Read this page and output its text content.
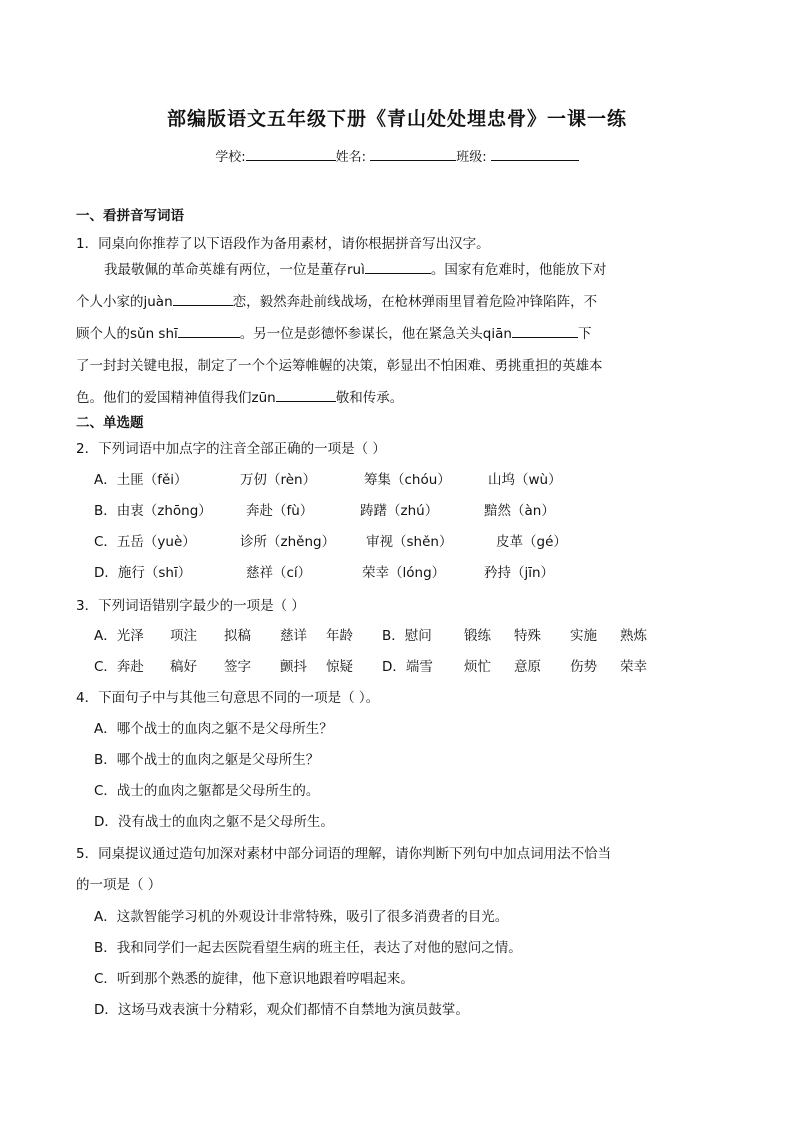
部编版语文五年级下册《青山处处埋忠骨》一课一练
学校:	姓名:	班级:
一、看拼音写词语
1．同桌向你推荐了以下语段作为备用素材，请你根据拼音写出汉字。
我最敬佩的革命英雄有两位，一位是董存ruì	。国家有危难时，他能放下对
个人小家的juàn	恋，毅然奔赴前线战场，在枪林弹雨里冒着危险冲锋陷阵，不
顾个人的sǔn shī	。另一位是彭德怀参谋长，他在紧急关头qiān	下
了一封封关键电报，制定了一个个运筹帷幄的决策，彰显出不怕困难、勇挑重担的英雄本
色。他们的爱国精神值得我们zūn	敬和传承。
二、单选题
2．下列词语中加点字的注音全部正确的一项是（ ）
A．土匪（fěi）	万仞（rèn）	筹集（chóu）	山坞（wù）
B．由衷（zhōng）	奔赴（fù）	踌躇（zhú）	黯然（àn）
C．五岳（yuè）	诊所（zhěng） 审视（shěn）	皮革（gé）
D．施行（shī）	慈祥（cí）	荣幸（lóng）	矜持（jīn）
3．下列词语错别字最少的一项是（ ）
A．光泽 项注 拟稿 慈详 年龄 B．慰问 锻练 特殊 实施 熟炼
C．奔赴 稿好 签字 颤抖 惊疑 D．端雪 烦忙 意原 伤势 荣幸
4．下面句子中与其他三句意思不同的一项是（ ）。
A．哪个战士的血肉之躯不是父母所生？
B．哪个战士的血肉之躯是父母所生？
C．战士的血肉之躯都是父母所生的。
D．没有战士的血肉之躯不是父母所生。
5．同桌提议通过造句加深对素材中部分词语的理解，请你判断下列句中加点词用法不恰当
的一项是（ ）
A．这款智能学习机的外观设计非常特殊，吸引了很多消费者的目光。
B．我和同学们一起去医院看望生病的班主任，表达了对他的慰问之情。
C．听到那个熟悉的旋律，他下意识地跟着哼唱起来。
D．这场马戏表演十分精彩，观众们都情不自禁地为演员鼓掌。
